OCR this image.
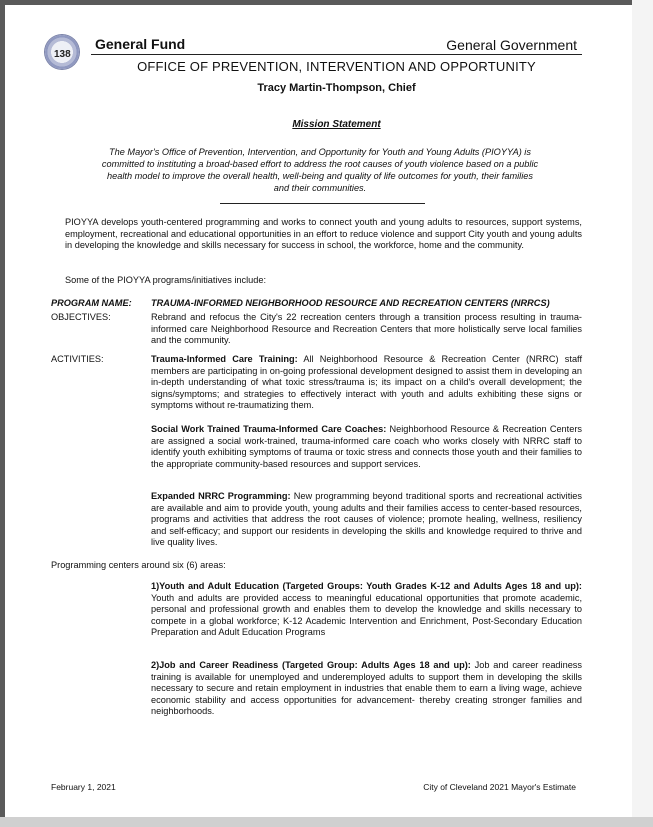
138
General Fund	General Government
OFFICE OF PREVENTION, INTERVENTION AND OPPORTUNITY
Tracy Martin-Thompson, Chief
Mission Statement
The Mayor's Office of Prevention, Intervention, and Opportunity for Youth and Young Adults (PIOYYA) is committed to instituting a broad-based effort to address the root causes of youth violence based on a public health model to improve the overall health, well-being and quality of life outcomes for youth, their families and their communities.
PIOYYA develops youth-centered programming and works to connect youth and young adults to resources, support systems, employment, recreational and educational opportunities in an effort to reduce violence and support City youth and young adults in developing the knowledge and skills necessary for success in school, the workforce, home and the community.
Some of the PIOYYA programs/initiatives include:
PROGRAM NAME: TRAUMA-INFORMED NEIGHBORHOOD RESOURCE AND RECREATION CENTERS (NRRCS)
OBJECTIVES:	Rebrand and refocus the City's 22 recreation centers through a transition process resulting in trauma-informed care Neighborhood Resource and Recreation Centers that more holistically serve local families and the community.
ACTIVITIES:	Trauma-Informed Care Training: All Neighborhood Resource & Recreation Center (NRRC) staff members are participating in on-going professional development designed to assist them in developing an in-depth understanding of what toxic stress/trauma is; its impact on a child's overall development; the signs/symptoms; and strategies to effectively interact with youth and adults exhibiting these signs or symptoms without re-traumatizing them.
Social Work Trained Trauma-Informed Care Coaches: Neighborhood Resource & Recreation Centers are assigned a social work-trained, trauma-informed care coach who works closely with NRRC staff to identify youth exhibiting symptoms of trauma or toxic stress and connects those youth and their families to the appropriate community-based resources and support services.
Expanded NRRC Programming: New programming beyond traditional sports and recreational activities are available and aim to provide youth, young adults and their families access to center-based resources, programs and activities that address the root causes of violence; promote healing, wellness, resiliency and self-efficacy; and support our residents in developing the skills and knowledge required to thrive and live quality lives.
Programming centers around six (6) areas:
1)Youth and Adult Education (Targeted Groups: Youth Grades K-12 and Adults Ages 18 and up): Youth and adults are provided access to meaningful educational opportunities that promote academic, personal and professional growth and enables them to develop the knowledge and skills necessary to compete in a global workforce; K-12 Academic Intervention and Enrichment, Post-Secondary Education Preparation and Adult Education Programs
2)Job and Career Readiness (Targeted Group: Adults Ages 18 and up): Job and career readiness training is available for unemployed and underemployed adults to support them in developing the skills necessary to secure and retain employment in industries that enable them to earn a living wage, achieve economic stability and access opportunities for advancement- thereby creating stronger families and neighborhoods.
February 1, 2021	City of Cleveland 2021 Mayor's Estimate
